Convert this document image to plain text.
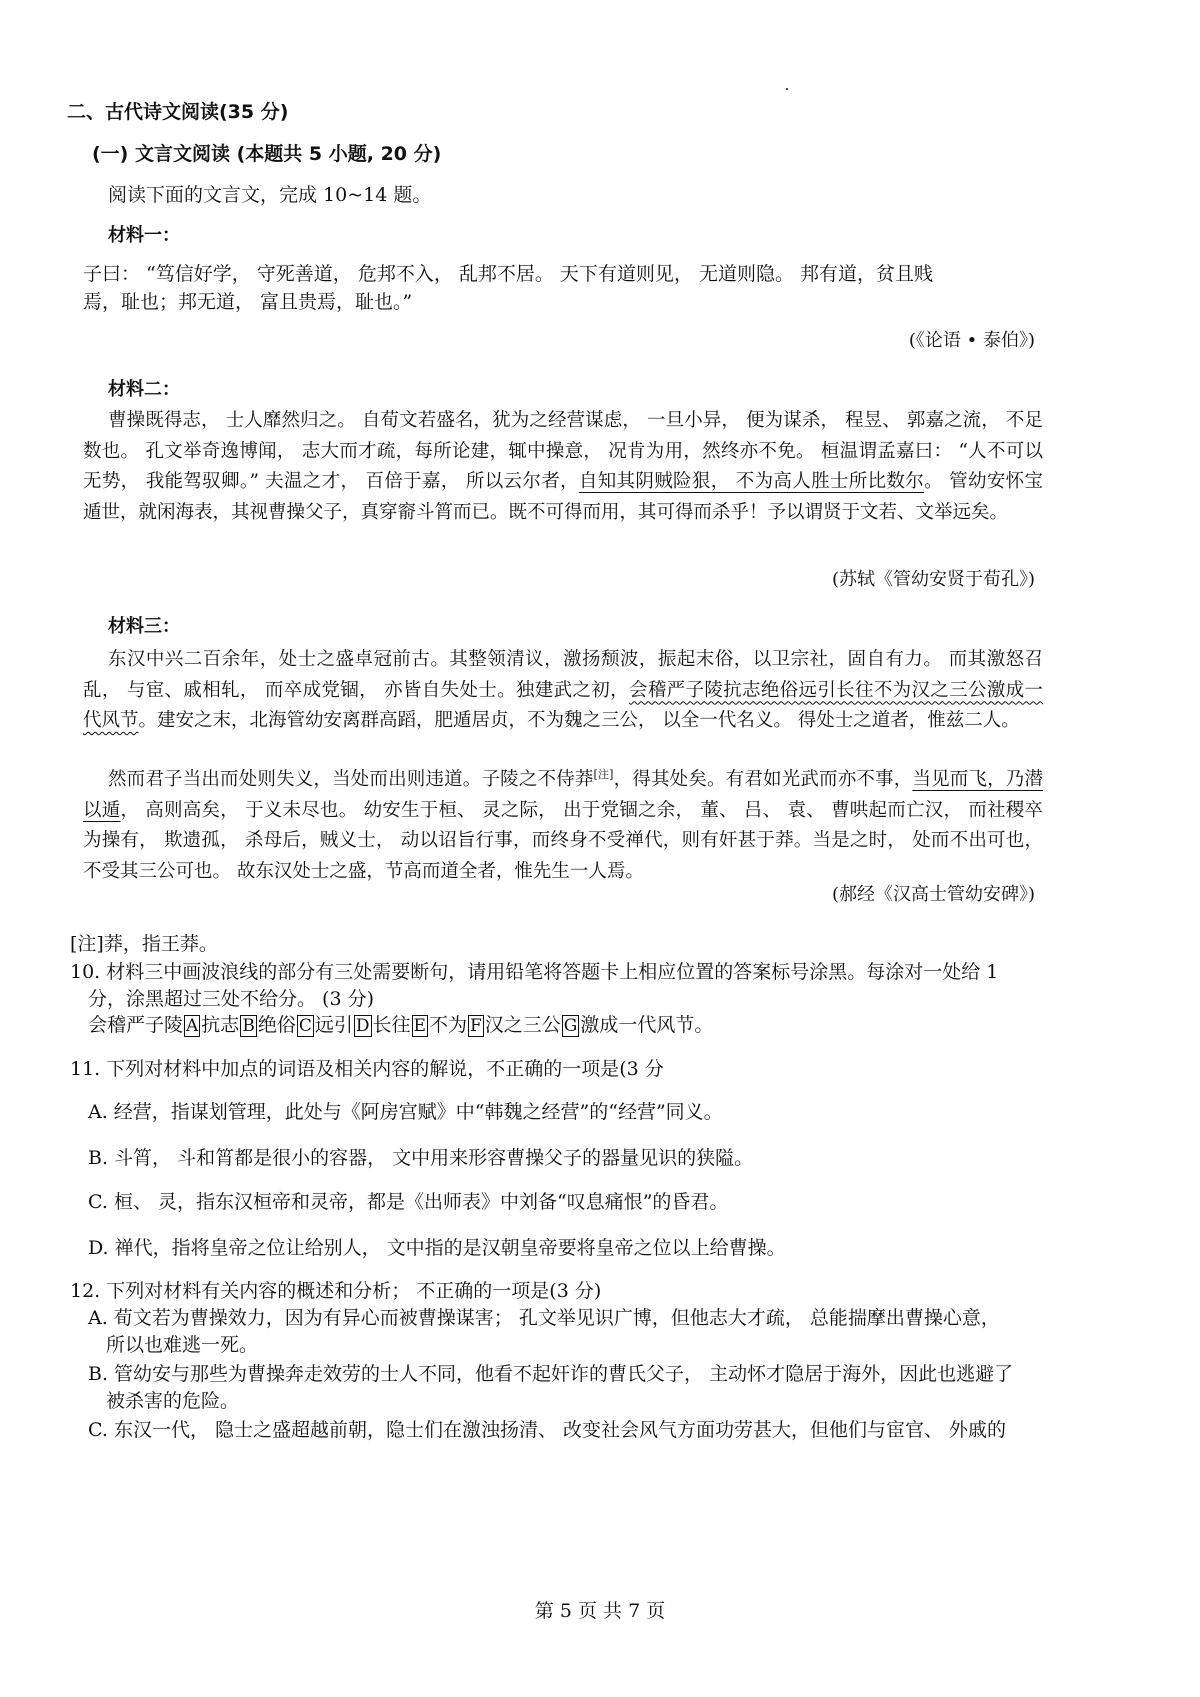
二、古代诗文阅读(35 分)
(一) 文言文阅读 (本题共 5 小题, 20 分)
阅读下面的文言文，完成 10~14 题。
材料一：
子曰： “笃信好学， 守死善道， 危邦不入， 乱邦不居。 天下有道则见， 无道则隐。 邦有道，贫且贱
焉，耻也；邦无道， 富且贵焉，耻也。”
(《论语 • 泰伯》)
材料二：
曹操既得志， 士人靡然归之。 自荀文若盛名，犹为之经营谋虑， 一旦小异， 便为谋杀， 程昱、 郭嘉之流， 不足数也。 孔文举奇逸博闻， 志大而才疏，每所论建，辄中操意， 况肯为用，然终亦不免。 桓温谓孟嘉曰： “人不可以无势， 我能驾驭卿。” 夫温之才， 百倍于嘉， 所以云尔者，自知其阴贼险狠， 不为高人胜士所比数尔。 管幼安怀宝遁世，就闲海表，其视曹操父子，真穿窬斗筲而已。既不可得而用，其可得而杀乎！予以谓贤于文若、文举远矣。
(苏轼《管幼安贤于荀孔》)
材料三：
东汉中兴二百余年，处士之盛卓冠前古。其整领清议，激扬颓波，振起末俗，以卫宗社，固自有力。 而其激怒召乱， 与宦、戚相轧， 而卒成党锢， 亦皆自失处士。独建武之初，会稽严子陵抗志绝俗远引长往不为汉之三公激成一代风节。建安之末，北海管幼安离群高蹈，肥遁居贞，不为魏之三公， 以全一代名义。 得处士之道者，惟兹二人。
然而君子当出而处则失义，当处而出则违道。子陵之不侍莽[注]，得其处矣。有君如光武而亦不事，当见而飞，乃潜以遁， 高则高矣， 于义未尽也。 幼安生于桓、 灵之际， 出于党锢之余， 董、 吕、 袁、 曹哄起而亡汉， 而社稷卒为操有， 欺遗孤， 杀母后，贼义士， 动以诏旨行事，而终身不受禅代，则有奸甚于莽。当是之时， 处而不出可也，不受其三公可也。 故东汉处士之盛，节高而道全者，惟先生一人焉。
(郝经《汉高士管幼安碑》)
[注]莽，指王莽。
10. 材料三中画波浪线的部分有三处需要断句，请用铅笔将答题卡上相应位置的答案标号涂黑。每涂对一处给 1
分，涂黑超过三处不给分。 (3 分)
会稽严子陵 A 抗志 B 绝俗 C 远引 D 长往 E 不为 F 汉之三公 G 激成一代风节。
11. 下列对材料中加点的词语及相关内容的解说，不正确的一项是(3 分
A. 经营，指谋划管理，此处与《阿房宫赋》中“韩魏之经营”的“经营”同义。
B. 斗筲， 斗和筲都是很小的容器， 文中用来形容曹操父子的器量见识的狭隘。
C. 桓、 灵，指东汉桓帝和灵帝，都是《出师表》中刘备“叹息痛恨”的昏君。
D. 禅代，指将皇帝之位让给别人， 文中指的是汉朝皇帝要将皇帝之位以上给曹操。
12. 下列对材料有关内容的概述和分析； 不正确的一项是(3 分)
A. 荀文若为曹操效力，因为有异心而被曹操谋害； 孔文举见识广博，但他志大才疏， 总能揣摩出曹操心意，
所以也难逃一死。
B. 管幼安与那些为曹操奔走效劳的士人不同，他看不起奸诈的曹氏父子， 主动怀才隐居于海外，因此也逃避了
被杀害的危险。
C. 东汉一代， 隐士之盛超越前朝，隐士们在激浊扬清、 改变社会风气方面功劳甚大，但他们与宦官、 外戚的
第 5 页 共 7 页
